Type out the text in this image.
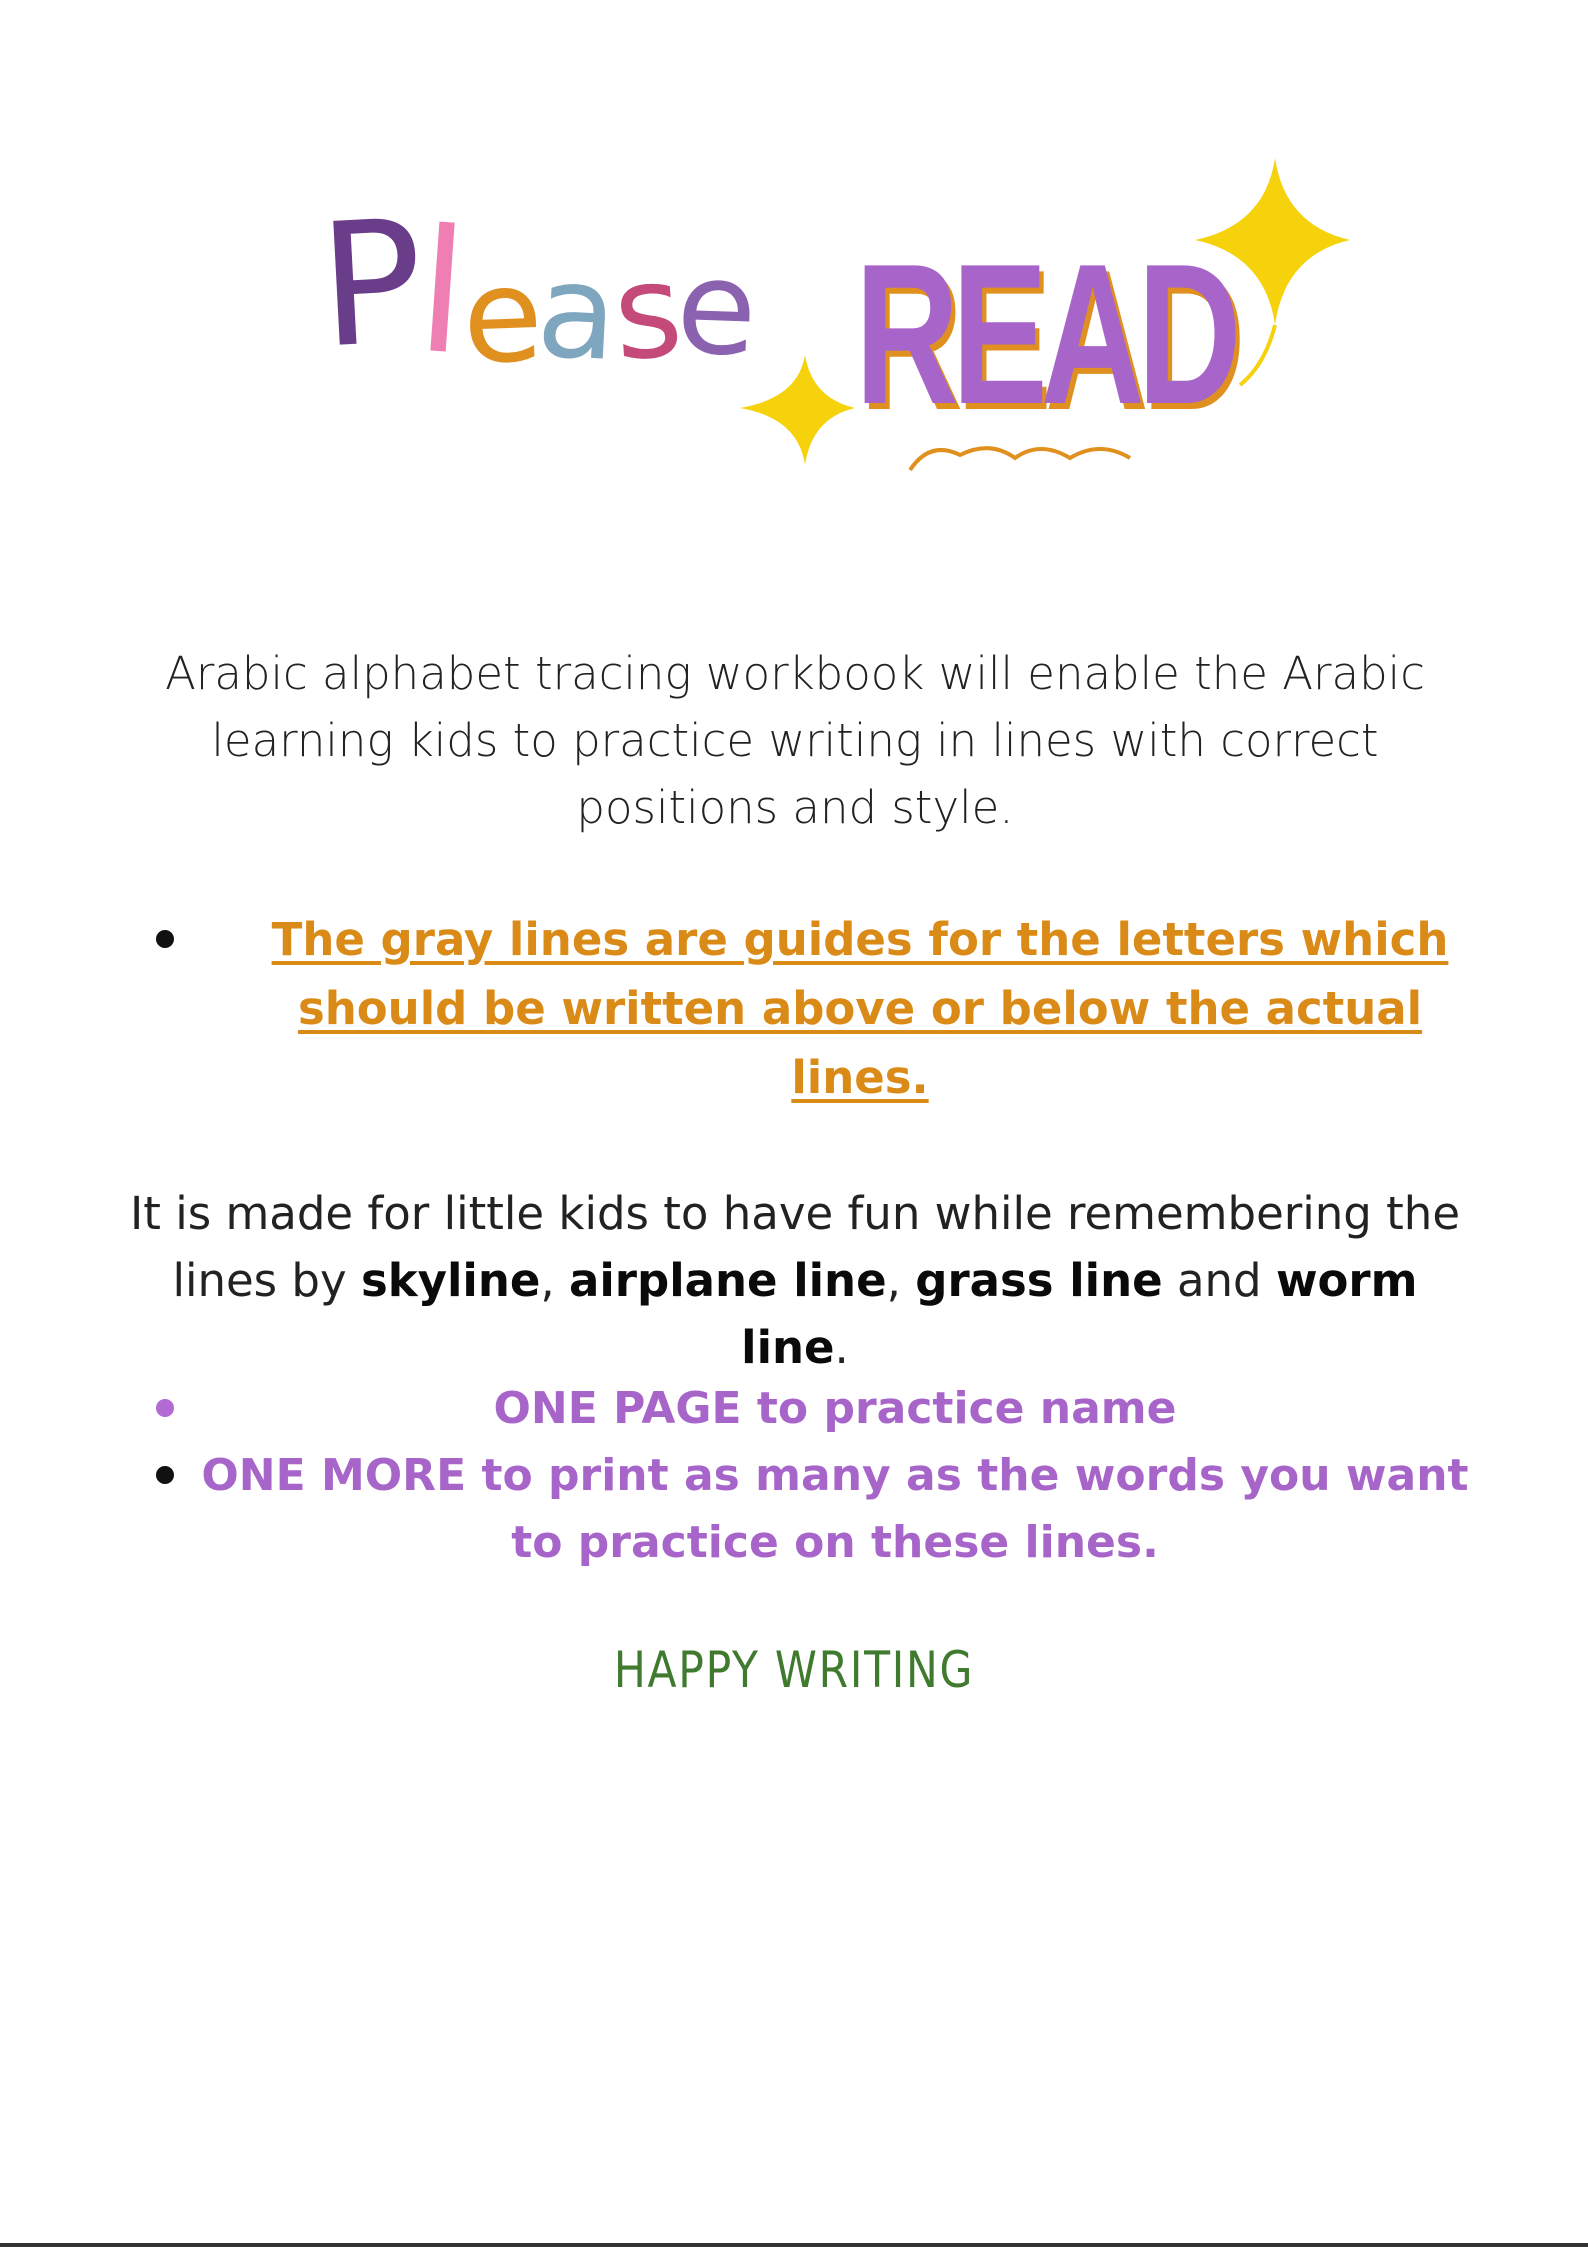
Please READ
Arabic alphabet tracing workbook will enable the Arabic learning kids to practice writing in lines with correct positions and style.
The gray lines are guides for the letters which should be written above or below the actual lines.
It is made for little kids to have fun while remembering the lines by skyline, airplane line, grass line and worm line.
ONE PAGE to practice name
ONE MORE to print as many as the words you want to practice on these lines.
HAPPY WRITING
